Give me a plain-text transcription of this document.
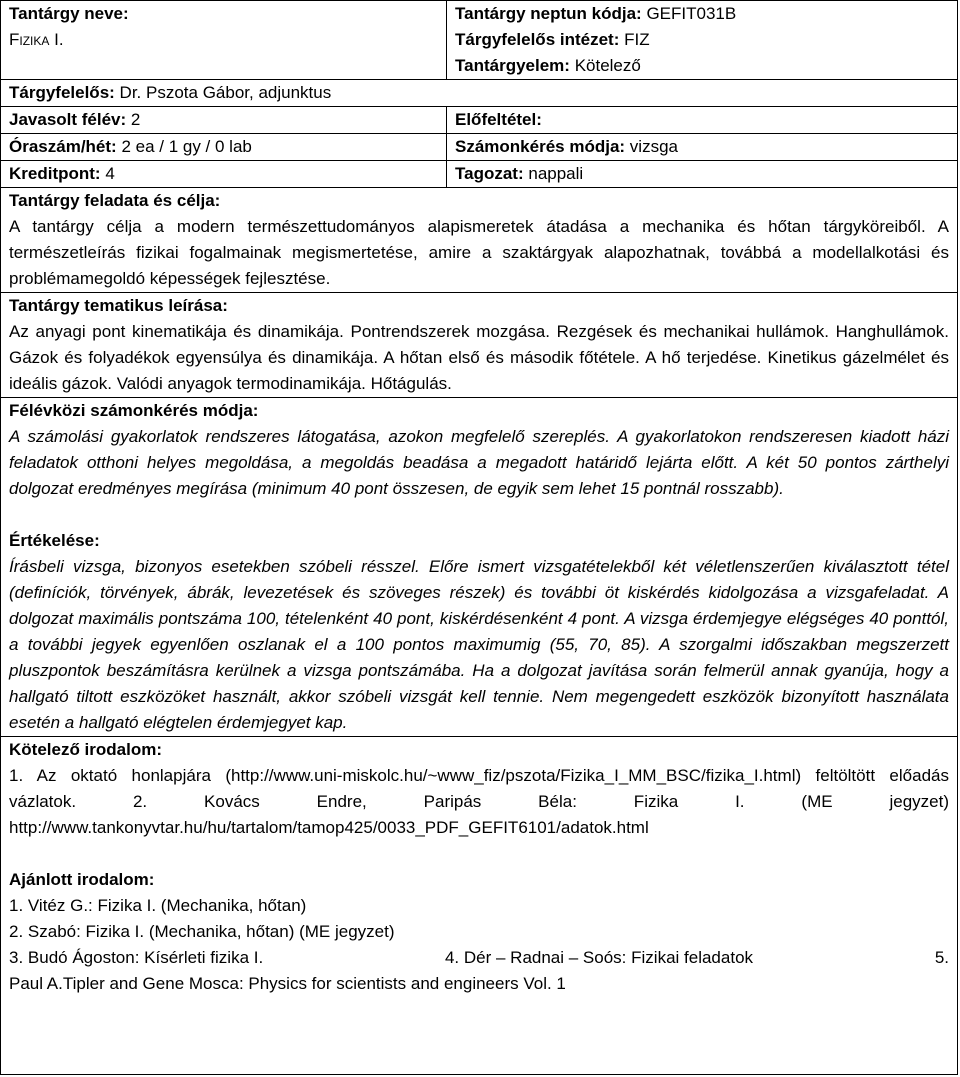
Tantárgy neve:
Fizika I.
Tantárgy neptun kódja: GEFIT031B
Tárgyfelelős intézet: FIZ
Tantárgyelem: Kötelező
Tárgyfelelős: Dr. Pszota Gábor, adjunktus
Javasolt félév: 2	Előfeltétel:
Óraszám/hét: 2 ea / 1 gy / 0 lab	Számonkérés módja: vizsga
Kreditpont: 4	Tagozat: nappali
Tantárgy feladata és célja:
A tantárgy célja a modern természettudományos alapismeretek átadása a mechanika és hőtan tárgyköreiből. A természetleírás fizikai fogalmainak megismertetése, amire a szaktárgyak alapozhatnak, továbbá a modellalkotási és problémamegoldó képességek fejlesztése.
Tantárgy tematikus leírása:
Az anyagi pont kinematikája és dinamikája. Pontrendszerek mozgása. Rezgések és mechanikai hullámok. Hanghullámok. Gázok és folyadékok egyensúlya és dinamikája. A hőtan első és második főtétele. A hő terjedése. Kinetikus gázelmélet és ideális gázok. Valódi anyagok termodinamikája. Hőtágulás.
Félévközi számonkérés módja:
A számolási gyakorlatok rendszeres látogatása, azokon megfelelő szereplés. A gyakorlatokon rendszeresen kiadott házi feladatok otthoni helyes megoldása, a megoldás beadása a megadott határidő lejárta előtt. A két 50 pontos zárthelyi dolgozat eredményes megírása (minimum 40 pont összesen, de egyik sem lehet 15 pontnál rosszabb).
Értékelése:
Írásbeli vizsga, bizonyos esetekben szóbeli résszel. Előre ismert vizsgatételekből két véletlenszerűen kiválasztott tétel (definíciók, törvények, ábrák, levezetések és szöveges részek) és további öt kiskérdés kidolgozása a vizsgafeladat. A dolgozat maximális pontszáma 100, tételenként 40 pont, kiskérdésenként 4 pont. A vizsga érdemjegye elégséges 40 ponttól, a további jegyek egyenlően oszlanak el a 100 pontos maximumig (55, 70, 85). A szorgalmi időszakban megszerzett pluszpontok beszámításra kerülnek a vizsga pontszámába. Ha a dolgozat javítása során felmerül annak gyanúja, hogy a hallgató tiltott eszközöket használt, akkor szóbeli vizsgát kell tennie. Nem megengedett eszközök bizonyított használata esetén a hallgató elégtelen érdemjegyet kap.
Kötelező irodalom:
1. Az oktató honlapjára (http://www.uni-miskolc.hu/~www_fiz/pszota/Fizika_I_MM_BSC/fizika_I.html) feltöltött előadás vázlatok. 2. Kovács Endre, Paripás Béla: Fizika I. (ME jegyzet) http://www.tankonyvtar.hu/hu/tartalom/tamop425/0033_PDF_GEFIT6101/adatok.html
Ajánlott irodalom:
1. Vitéz G.: Fizika I. (Mechanika, hőtan)
2. Szabó: Fizika I. (Mechanika, hőtan) (ME jegyzet)
3. Budó Ágoston: Kísérleti fizika I.	4. Dér – Radnai – Soós: Fizikai feladatok	5.
Paul A.Tipler and Gene Mosca: Physics for scientists and engineers Vol. 1
